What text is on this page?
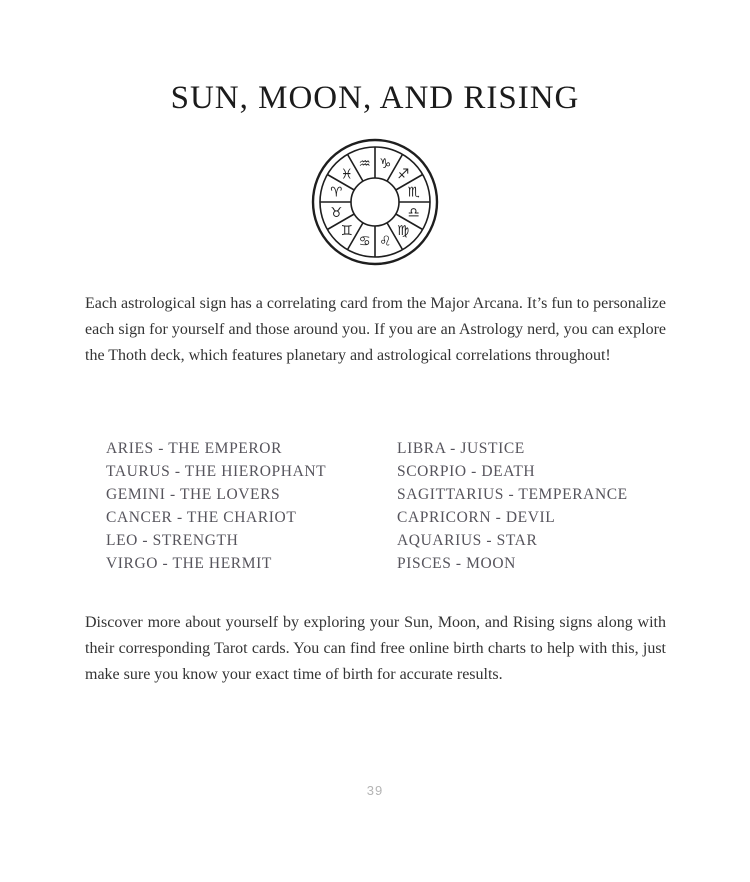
SUN, MOON, AND RISING
♑
♐
♏
♎
♍
♌
♋
♊
♉
♈
♓
♒

Each astrological sign has a correlating card from the Major Arcana. It’s fun to personalize each sign for yourself and those around you. If you are an Astrology nerd, you can explore the Thoth deck, which features planetary and astrological correlations throughout!

ARIES - THE EMPEROR
TAURUS - THE HIEROPHANT
GEMINI - THE LOVERS
CANCER - THE CHARIOT
LEO - STRENGTH
VIRGO - THE HERMIT
LIBRA - JUSTICE
SCORPIO - DEATH
SAGITTARIUS - TEMPERANCE
CAPRICORN - DEVIL
AQUARIUS - STAR
PISCES - MOON

Discover more about yourself by exploring your Sun, Moon, and Rising signs along with their corresponding Tarot cards. You can find free online birth charts to help with this, just make sure you know your exact time of birth for accurate results.

39
